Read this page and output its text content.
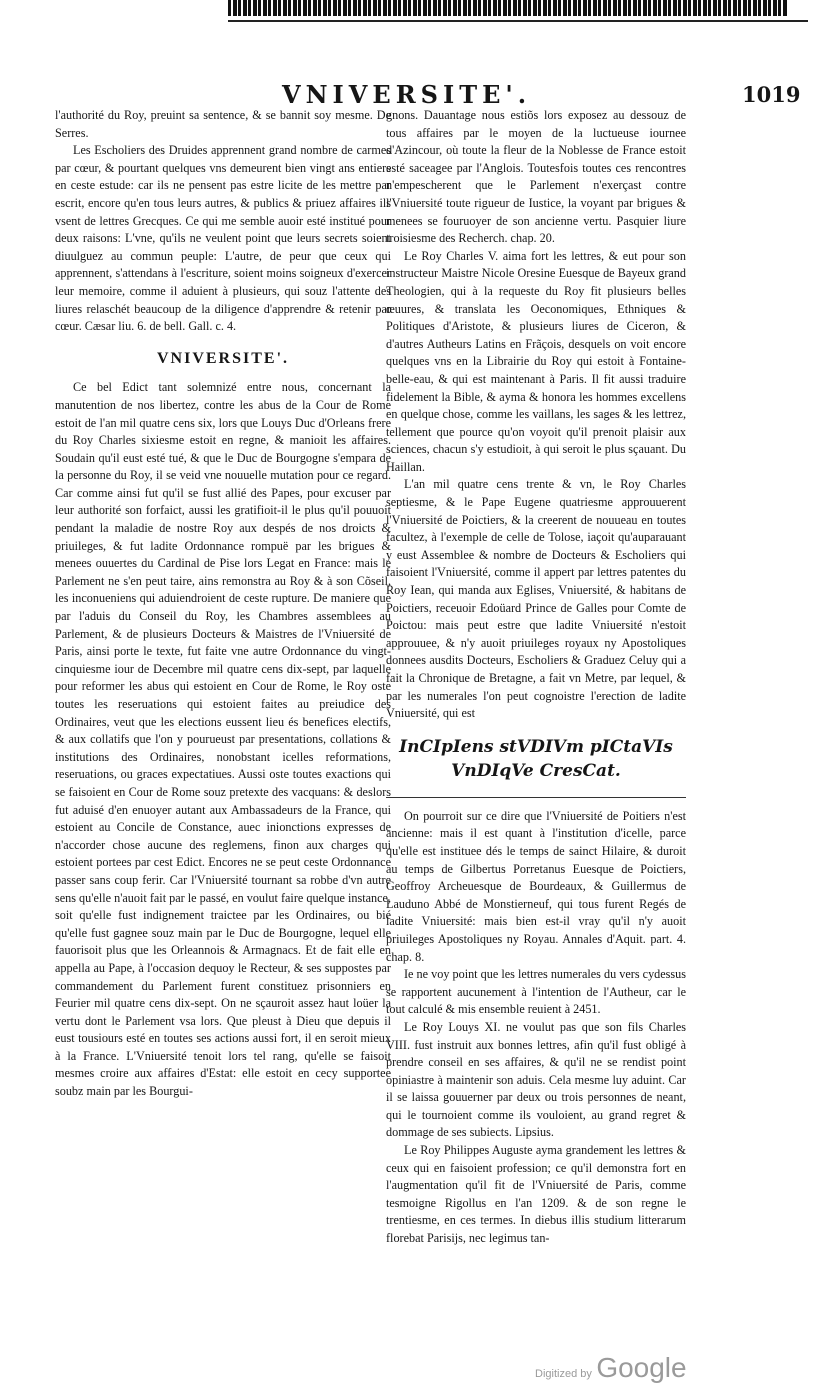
VNIVERSITE'.	1019

l'authorité du Roy, preuint sa sentence, & se bannit soy mesme. De Serres.

Les Escholiers des Druides apprennent grand nombre de carmes par cœur, & pourtant quelques vns demeurent bien vingt ans entiers en ceste estude: car ils ne pensent pas estre licite de les mettre par escrit, encore qu'en tous leurs autres, & publics & priuez affaires ils vsent de lettres Grecques. Ce qui me semble auoir esté institué pour deux raisons: L'vne, qu'ils ne veulent point que leurs secrets soient diuulguez au commun peuple: L'autre, de peur que ceux qui apprennent, s'attendans à l'escriture, soient moins soigneux d'exercer leur memoire, comme il aduient à plusieurs, qui souz l'attente des liures relaschét beaucoup de la diligence d'apprendre & retenir par cœur. Cæsar liu. 6. de bell. Gall. c. 4.

VNIVERSITE'.

Ce bel Edict tant solemnizé entre nous, concernant la manutention de nos libertez, contre les abus de la Cour de Rome estoit de l'an mil quatre cens six, lors que Louys Duc d'Orleans frere du Roy Charles sixiesme estoit en regne, & manioit les affaires. Soudain qu'il eust esté tué, & que le Duc de Bourgogne s'empara de la personne du Roy, il se veid vne nouuelle mutation pour ce regard. Car comme ainsi fut qu'il se fust allié des Papes, pour excuser par leur authorité son forfaict, aussi les gratifioit-il le plus qu'il pouuoit pendant la maladie de nostre Roy aux despés de nos droicts & priuileges, & fut ladite Ordonnance rompuë par les brigues & menees ouuertes du Cardinal de Pise lors Legat en France: mais le Parlement ne s'en peut taire, ains remonstra au Roy & à son Cõseil, les inconueniens qui aduiendroient de ceste rupture. De maniere que par l'aduis du Conseil du Roy, les Chambres assemblees au Parlement, & de plusieurs Docteurs & Maistres de l'Vniuersité de Paris, ainsi porte le texte, fut faite vne autre Ordonnance du vingt-cinquiesme iour de Decembre mil quatre cens dix-sept, par laquelle pour reformer les abus qui estoient en Cour de Rome, le Roy oste toutes les reseruations qui estoient faites au preiudice des Ordinaires, veut que les elections eussent lieu és benefices electifs, & aux collatifs que l'on y pourueust par presentations, collations & institutions des Ordinaires, nonobstant icelles reformations, reseruations, ou graces expectatiues. Aussi oste toutes exactions qui se faisoient en Cour de Rome souz pretexte des vacquans: & deslors fut aduisé d'en enuoyer autant aux Ambassadeurs de la France, qui estoient au Concile de Constance, auec inionctions expresses de n'accorder chose aucune des reglemens, finon aux charges qui estoient portees par cest Edict. Encores ne se peut ceste Ordonnance passer sans coup ferir. Car l'Vniuersité tournant sa robbe d'vn autre sens qu'elle n'auoit fait par le passé, en voulut faire quelque instance, soit qu'elle fust indignement traictee par les Ordinaires, ou bié qu'elle fust gagnee souz main par le Duc de Bourgogne, lequel elle fauorisoit plus que les Orleannois & Armagnacs. Et de fait elle en appella au Pape, à l'occasion dequoy le Recteur, & ses suppostes par commandement du Parlement furent constituez prisonniers en Feurier mil quatre cens dix-sept. On ne sçauroit assez haut loüer la vertu dont le Parlement vsa lors. Que pleust à Dieu que depuis il eust tousiours esté en toutes ses actions aussi fort, il en seroit mieux à la France. L'Vniuersité tenoit lors tel rang, qu'elle se faisoit mesmes croire aux affaires d'Estat: elle estoit en cecy supportee soubz main par les Bourgui-

gnons. Dauantage nous estiõs lors exposez au dessouz de tous affaires par le moyen de la luctueuse iournee d'Azincour, où toute la fleur de la Noblesse de France estoit esté saceagee par l'Anglois. Toutesfois toutes ces rencontres n'empescherent que le Parlement n'exerçast contre l'Vniuersité toute rigueur de Iustice, la voyant par brigues & menees se fouruoyer de son ancienne vertu. Pasquier liure troisiesme des Recherch. chap. 20.

Le Roy Charles V. aima fort les lettres, & eut pour son instructeur Maistre Nicole Oresine Euesque de Bayeux grand Theologien, qui à la requeste du Roy fit plusieurs belles œuures, & translata les Oeconomiques, Ethniques & Politiques d'Aristote, & plusieurs liures de Ciceron, & d'autres Autheurs Latins en Frãçois, desquels on voit encore quelques vns en la Librairie du Roy qui estoit à Fontaine-belle-eau, & qui est maintenant à Paris. Il fit aussi traduire fidelement la Bible, & ayma & honora les hommes excellens en quelque chose, comme les vaillans, les sages & les lettrez, tellement que pource qu'on voyoit qu'il prenoit plaisir aux sciences, chacun s'y estudioit, à qui seroit le plus sçauant. Du Haillan.

L'an mil quatre cens trente & vn, le Roy Charles septiesme, & le Pape Eugene quatriesme approuuerent l'Vniuersité de Poictiers, & la creerent de nouueau en toutes facultez, à l'exemple de celle de Tolose, iaçoit qu'auparauant y eust Assemblee & nombre de Docteurs & Escholiers qui faisoient l'Vniuersité, comme il appert par lettres patentes du Roy Iean, qui manda aux Eglises, Vniuersité, & habitans de Poictiers, receuoir Edoüard Prince de Galles pour Comte de Poictou: mais peut estre que ladite Vniuersité n'estoit approuuee, & n'y auoit priuileges royaux ny Apostoliques donnees ausdits Docteurs, Escholiers & Graduez Celuy qui a fait la Chronique de Bretagne, a fait vn Metre, par lequel, & par les numerales l'on peut cognoistre l'erection de ladite Vniuersité, qui est

InCIpIens stVDIVm pICtaVIs VnDIqVe CresCat.

On pourroit sur ce dire que l'Vniuersité de Poitiers n'est ancienne: mais il est quant à l'institution d'icelle, parce qu'elle est instituee dés le temps de sainct Hilaire, & duroit au temps de Gilbertus Porretanus Euesque de Poictiers, Geoffroy Archeuesque de Bourdeaux, & Guillermus de Lauduno Abbé de Monstierneuf, qui tous furent Regés de ladite Vniuersité: mais bien est-il vray qu'il n'y auoit priuileges Apostoliques ny Royau. Annales d'Aquit. part. 4. chap. 8.

Ie ne voy point que les lettres numerales du vers cydessus se rapportent aucunement à l'intention de l'Autheur, car le tout calculé & mis ensemble reuient à 2451.

Le Roy Louys XI. ne voulut pas que son fils Charles VIII. fust instruit aux bonnes lettres, afin qu'il fust obligé à prendre conseil en ses affaires, & qu'il ne se rendist point opiniastre à maintenir son aduis. Cela mesme luy aduint. Car il se laissa gouuerner par deux ou trois personnes de neant, qui le tournoient comme ils vouloient, au grand regret & dommage de ses subiects. Lipsius.

Le Roy Philippes Auguste ayma grandement les lettres & ceux qui en faisoient profession; ce qu'il demonstra fort en l'augmentation qu'il fit de l'Vniuersité de Paris, comme tesmoigne Rigollus en l'an 1209. & de son regne le trentiesme, en ces termes. In diebus illis studium litterarum florebat Parisijs, nec legimus tan-

Digitized by Google
